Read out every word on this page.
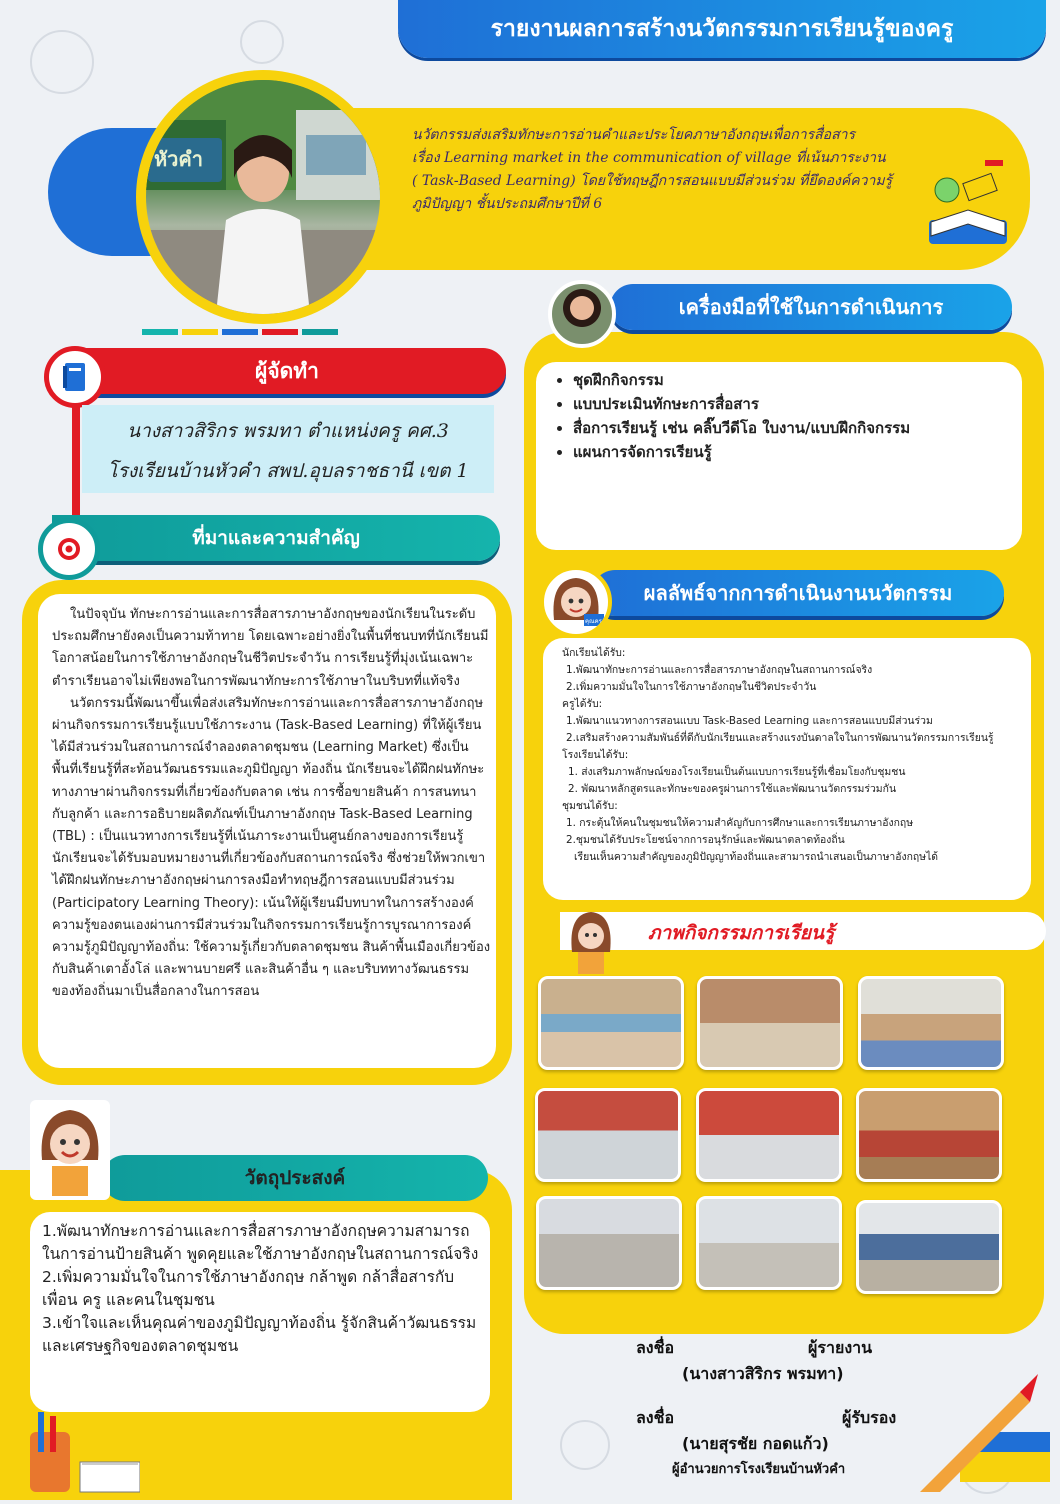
รายงานผลการสร้างนวัตกรรมการเรียนรู้ของครู
หัวคำ
นวัตกรรมส่งเสริมทักษะการอ่านคำและประโยคภาษาอังกฤษเพื่อการสื่อสาร
เรื่อง Learning market in the communication of village ที่เน้นภาระงาน
( Task-Based Learning) โดยใช้ทฤษฎีการสอนแบบมีส่วนร่วม ที่ยึดองค์ความรู้
ภูมิปัญญา ชั้นประถมศึกษาปีที่ 6
ผู้จัดทำ
นางสาวสิริกร พรมทา ตำแหน่งครู คศ.3
โรงเรียนบ้านหัวคำ สพป.อุบลราชธานี เขต 1
ที่มาและความสำคัญ

ในปัจจุบัน ทักษะการอ่านและการสื่อสารภาษาอังกฤษของนักเรียนในระดับประถมศึกษายังคงเป็นความท้าทาย โดยเฉพาะอย่างยิ่งในพื้นที่ชนบทที่นักเรียนมีโอกาสน้อยในการใช้ภาษาอังกฤษในชีวิตประจำวัน การเรียนรู้ที่มุ่งเน้นเฉพาะตำราเรียนอาจไม่เพียงพอในการพัฒนาทักษะการใช้ภาษาในบริบทที่แท้จริง

นวัตกรรมนี้พัฒนาขึ้นเพื่อส่งเสริมทักษะการอ่านและการสื่อสารภาษาอังกฤษ ผ่านกิจกรรมการเรียนรู้แบบใช้ภาระงาน (Task-Based Learning) ที่ให้ผู้เรียนได้มีส่วนร่วมในสถานการณ์จำลองตลาดชุมชน (Learning Market) ซึ่งเป็นพื้นที่เรียนรู้ที่สะท้อนวัฒนธรรมและภูมิปัญญา ท้องถิ่น นักเรียนจะได้ฝึกฝนทักษะทางภาษาผ่านกิจกรรมที่เกี่ยวข้องกับตลาด เช่น การซื้อขายสินค้า การสนทนากับลูกค้า และการอธิบายผลิตภัณฑ์เป็นภาษาอังกฤษ Task-Based Learning (TBL) : เป็นแนวทางการเรียนรู้ที่เน้นภาระงานเป็นศูนย์กลางของการเรียนรู้ นักเรียนจะได้รับมอบหมายงานที่เกี่ยวข้องกับสถานการณ์จริง ซึ่งช่วยให้พวกเขาได้ฝึกฝนทักษะภาษาอังกฤษผ่านการลงมือทำทฤษฎีการสอนแบบมีส่วนร่วม (Participatory Learning Theory): เน้นให้ผู้เรียนมีบทบาทในการสร้างองค์ความรู้ของตนเองผ่านการมีส่วนร่วมในกิจกรรมการเรียนรู้การบูรณาการองค์ความรู้ภูมิปัญญาท้องถิ่น: ใช้ความรู้เกี่ยวกับตลาดชุมชน สินค้าพื้นเมืองเกี่ยวข้องกับสินค้าเตาอั้งโล่ และพานบายศรี และสินค้าอื่น ๆ และบริบททางวัฒนธรรมของท้องถิ่นมาเป็นสื่อกลางในการสอน

วัตถุประสงค์
1.พัฒนาทักษะการอ่านและการสื่อสารภาษาอังกฤษความสามารถในการอ่านป้ายสินค้า พูดคุยและใช้ภาษาอังกฤษในสถานการณ์จริง
2.เพิ่มความมั่นใจในการใช้ภาษาอังกฤษ กล้าพูด กล้าสื่อสารกับเพื่อน ครู และคนในชุมชน
3.เข้าใจและเห็นคุณค่าของภูมิปัญญาท้องถิ่น รู้จักสินค้าวัฒนธรรม และเศรษฐกิจของตลาดชุมชน
เครื่องมือที่ใช้ในการดำเนินการ
• ชุดฝึกกิจกรรม
• แบบประเมินทักษะการสื่อสาร
• สื่อการเรียนรู้ เช่น คลิ๊บวีดีโอ ใบงาน/แบบฝึกกิจกรรม
• แผนการจัดการเรียนรู้
ผลลัพธ์จากการดำเนินงานนวัตกรรม
คุณครู
นักเรียนได้รับ:
1.พัฒนาทักษะการอ่านและการสื่อสารภาษาอังกฤษในสถานการณ์จริง
2.เพิ่มความมั่นใจในการใช้ภาษาอังกฤษในชีวิตประจำวัน
ครูได้รับ:
1.พัฒนาแนวทางการสอนแบบ Task-Based Learning และการสอนแบบมีส่วนร่วม
2.เสริมสร้างความสัมพันธ์ที่ดีกับนักเรียนและสร้างแรงบันดาลใจในการพัฒนานวัตกรรมการเรียนรู้
โรงเรียนได้รับ:
1. ส่งเสริมภาพลักษณ์ของโรงเรียนเป็นต้นแบบการเรียนรู้ที่เชื่อมโยงกับชุมชน
2. พัฒนาหลักสูตรและทักษะของครูผ่านการใช้และพัฒนานวัตกรรมร่วมกัน
ชุมชนได้รับ:
1. กระตุ้นให้คนในชุมชนให้ความสำคัญกับการศึกษาและการเรียนภาษาอังกฤษ
2.ชุมชนได้รับประโยชน์จากการอนุรักษ์และพัฒนาตลาดท้องถิ่น
เรียนเห็นความสำคัญของภูมิปัญญาท้องถิ่นและสามารถนำเสนอเป็นภาษาอังกฤษได้
ภาพกิจกรรมการเรียนรู้
ลงชื่อ	ผู้รายงาน
(นางสาวสิริกร พรมทา)
ลงชื่อ	ผู้รับรอง
(นายสุรชัย กอดแก้ว)
ผู้อำนวยการโรงเรียนบ้านหัวคำ
